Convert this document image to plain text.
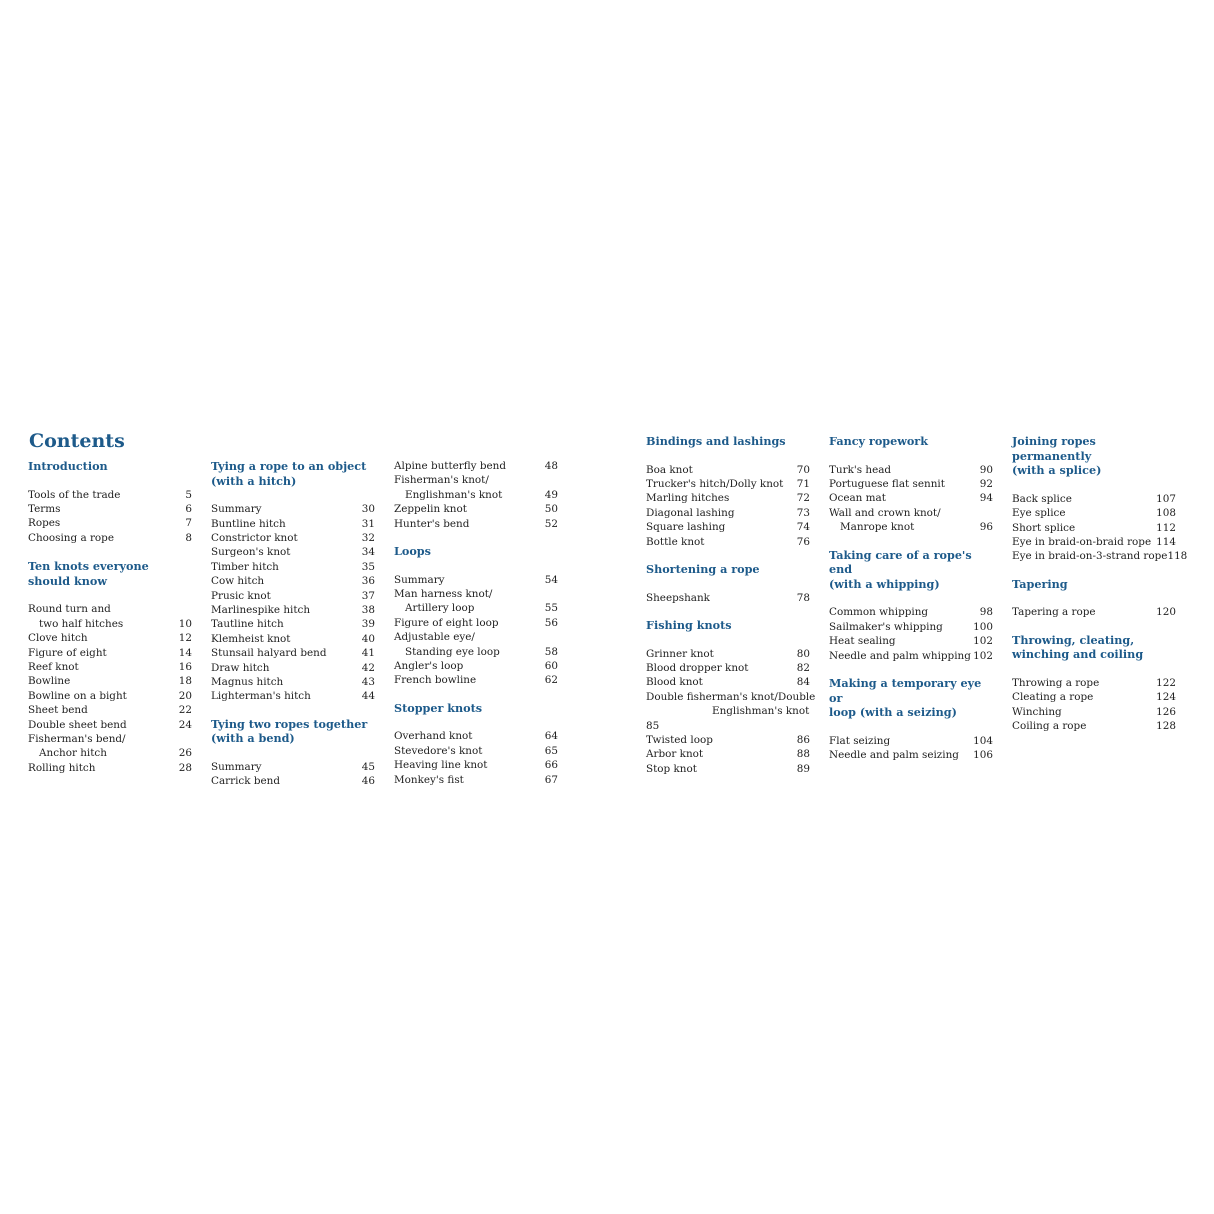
Contents
Introduction
Tools of the trade	5
Terms	6
Ropes	7
Choosing a rope	8
Ten knots everyone
should know
Round turn and
two half hitches	10
Clove hitch	12
Figure of eight	14
Reef knot	16
Bowline	18
Bowline on a bight	20
Sheet bend	22
Double sheet bend	24
Fisherman's bend/
Anchor hitch	26
Rolling hitch	28
Tying a rope to an object
(with a hitch)
Summary	30
Buntline hitch	31
Constrictor knot	32
Surgeon's knot	34
Timber hitch	35
Cow hitch	36
Prusic knot	37
Marlinespike hitch	38
Tautline hitch	39
Klemheist knot	40
Stunsail halyard bend	41
Draw hitch	42
Magnus hitch	43
Lighterman's hitch	44
Tying two ropes together
(with a bend)
Summary	45
Carrick bend	46
Alpine butterfly bend	48
Fisherman's knot/
Englishman's knot	49
Zeppelin knot	50
Hunter's bend	52
Loops
Summary	54
Man harness knot/
Artillery loop	55
Figure of eight loop	56
Adjustable eye/
Standing eye loop	58
Angler's loop	60
French bowline	62
Stopper knots
Overhand knot	64
Stevedore's knot	65
Heaving line knot	66
Monkey's fist	67
Bindings and lashings
Boa knot	70
Trucker's hitch/Dolly knot	71
Marling hitches	72
Diagonal lashing	73
Square lashing	74
Bottle knot	76
Shortening a rope
Sheepshank	78
Fishing knots
Grinner knot	80
Blood dropper knot	82
Blood knot	84
Double fisherman's knot/Double
Englishman's knot
85
Twisted loop	86
Arbor knot	88
Stop knot	89
Fancy ropework
Turk's head	90
Portuguese flat sennit	92
Ocean mat	94
Wall and crown knot/
Manrope knot	96
Taking care of a rope's end
(with a whipping)
Common whipping	98
Sailmaker's whipping	100
Heat sealing	102
Needle and palm whipping 102
Making a temporary eye or
loop (with a seizing)
Flat seizing	104
Needle and palm seizing	106
Joining ropes permanently
(with a splice)
Back splice	107
Eye splice	108
Short splice	112
Eye in braid-on-braid rope 114
Eye in braid-on-3-strand rope 118
Tapering
Tapering a rope	120
Throwing, cleating,
winching and coiling
Throwing a rope	122
Cleating a rope	124
Winching	126
Coiling a rope	128
